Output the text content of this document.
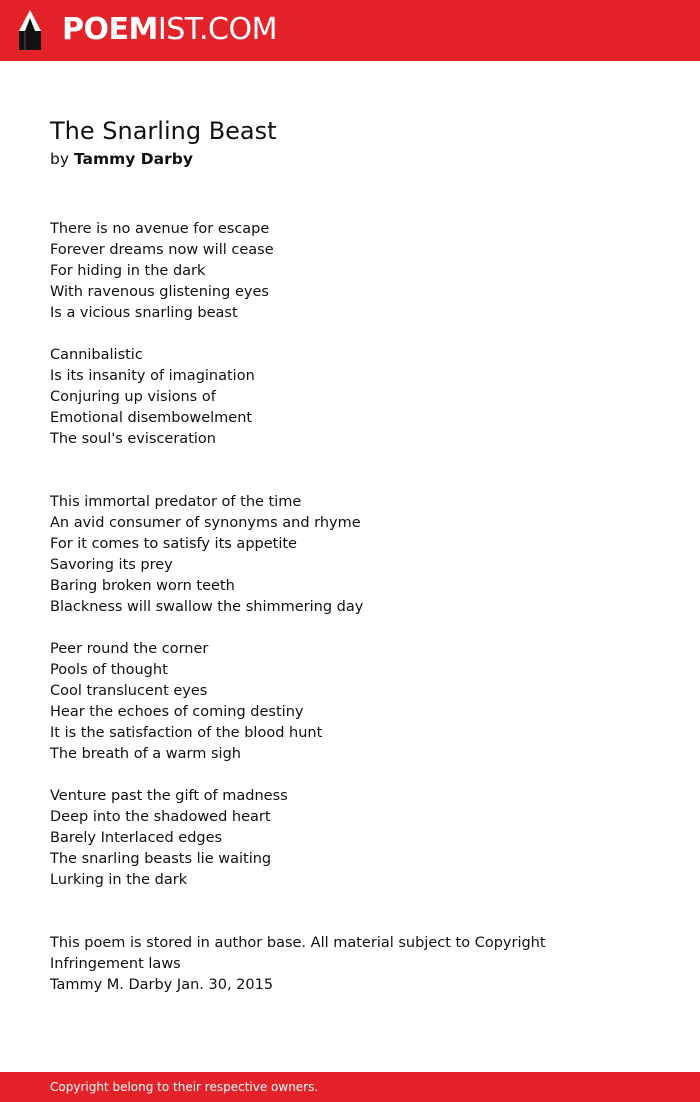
POEMIST.COM
The Snarling Beast
by Tammy Darby
There is no avenue for escape
Forever dreams now will cease
For hiding in the dark
With ravenous glistening eyes
Is a vicious snarling beast
Cannibalistic
Is its insanity of imagination
Conjuring up visions of
Emotional disembowelment
The soul's evisceration
This immortal predator of the time
An avid consumer of synonyms and rhyme
For it comes to satisfy its appetite
Savoring its prey
Baring broken worn teeth
Blackness will swallow the shimmering day
Peer round the corner
Pools of thought
Cool translucent eyes
Hear the echoes of coming destiny
It is the satisfaction of the blood hunt
The breath of a warm sigh
Venture past the gift of madness
Deep into the shadowed heart
Barely Interlaced edges
The snarling beasts lie waiting
Lurking in the dark
This poem is stored in author base. All material subject to Copyright
Infringement laws
Tammy M. Darby Jan. 30, 2015
Copyright belong to their respective owners.
